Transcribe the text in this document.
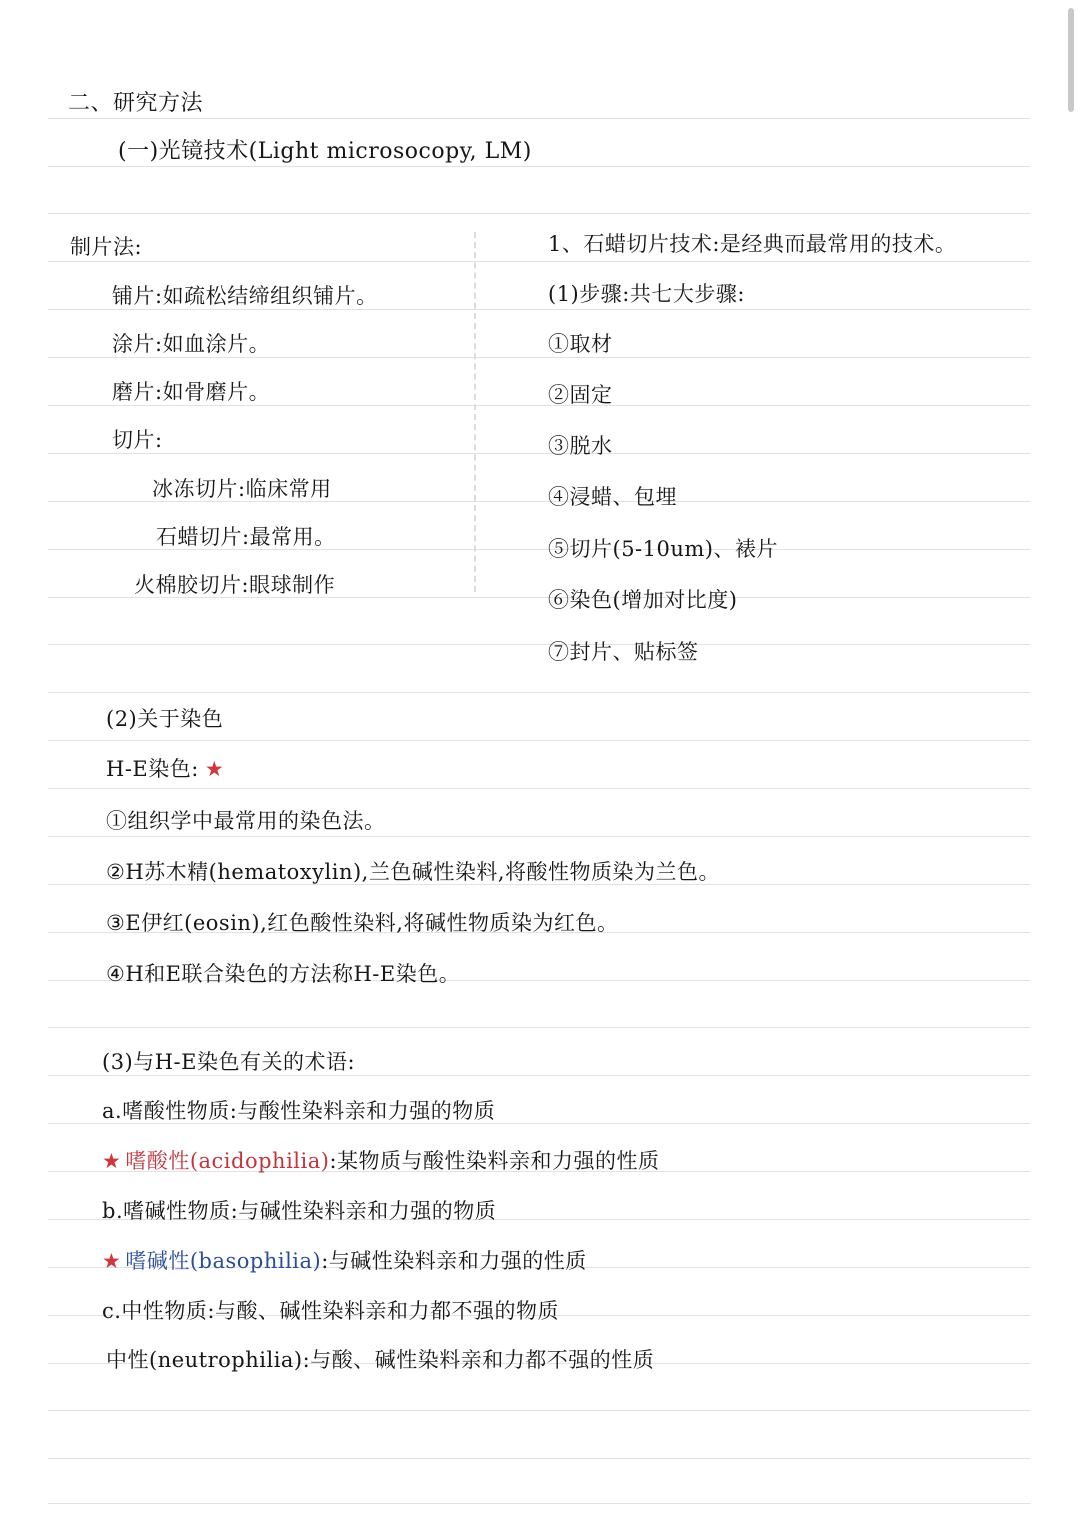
二、研究方法
(一)光镜技术(Light microsocopy, LM)
制片法:
铺片:如疏松结缔组织铺片。
涂片:如血涂片。
磨片:如骨磨片。
切片:
冰冻切片:临床常用
石蜡切片:最常用。
火棉胶切片:眼球制作
1、石蜡切片技术:是经典而最常用的技术。
(1)步骤:共七大步骤:
①取材
②固定
③脱水
④浸蜡、包埋
⑤切片(5-10um)、裱片
⑥染色(增加对比度)
⑦封片、贴标签
(2)关于染色
H-E染色: ★
①组织学中最常用的染色法。
②H苏木精(hematoxylin),兰色碱性染料,将酸性物质染为兰色。
③E伊红(eosin),红色酸性染料,将碱性物质染为红色。
④H和E联合染色的方法称H-E染色。
(3)与H-E染色有关的术语:
a.嗜酸性物质:与酸性染料亲和力强的物质
★ 嗜酸性(acidophilia):某物质与酸性染料亲和力强的性质
b.嗜碱性物质:与碱性染料亲和力强的物质
★ 嗜碱性(basophilia):与碱性染料亲和力强的性质
c.中性物质:与酸、碱性染料亲和力都不强的物质
中性(neutrophilia):与酸、碱性染料亲和力都不强的性质
